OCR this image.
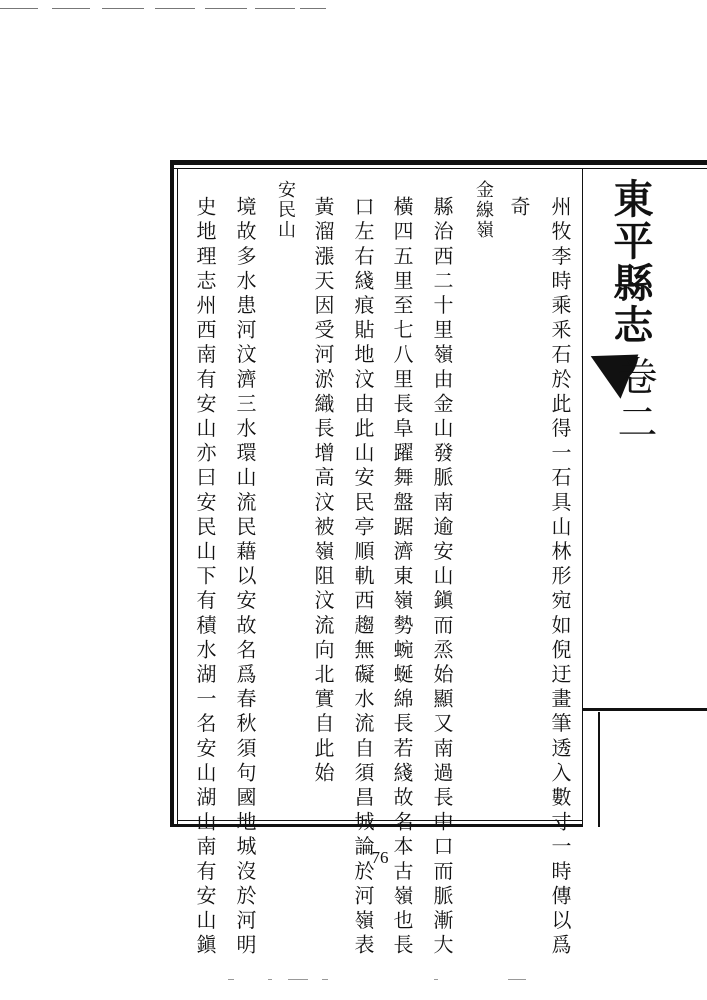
東平縣志
卷二
州牧李時乘釆石於此得一石具山林形宛如倪迂畫筆透入數寸一時傳以爲
奇
金線嶺
縣治西二十里嶺由金山發脈南逾安山鎭而烝始顯又南過長中口而脈漸大
橫四五里至七八里長阜躍舞盤踞濟東嶺勢蜿蜒綿長若綫故名本古嶺也長
口左右綫痕貼地汶由此山安民亭順軌西趨無礙水流自須昌城論於河嶺表
黃溜漲天因受河淤織長增高汶被嶺阻汶流向北實自此始
安民山
境故多水患河汶濟三水環山流民藉以安故名爲春秋須句國地城沒於河明
史地理志州西南有安山亦曰安民山下有積水湖一名安山湖山南有安山鎭	76
